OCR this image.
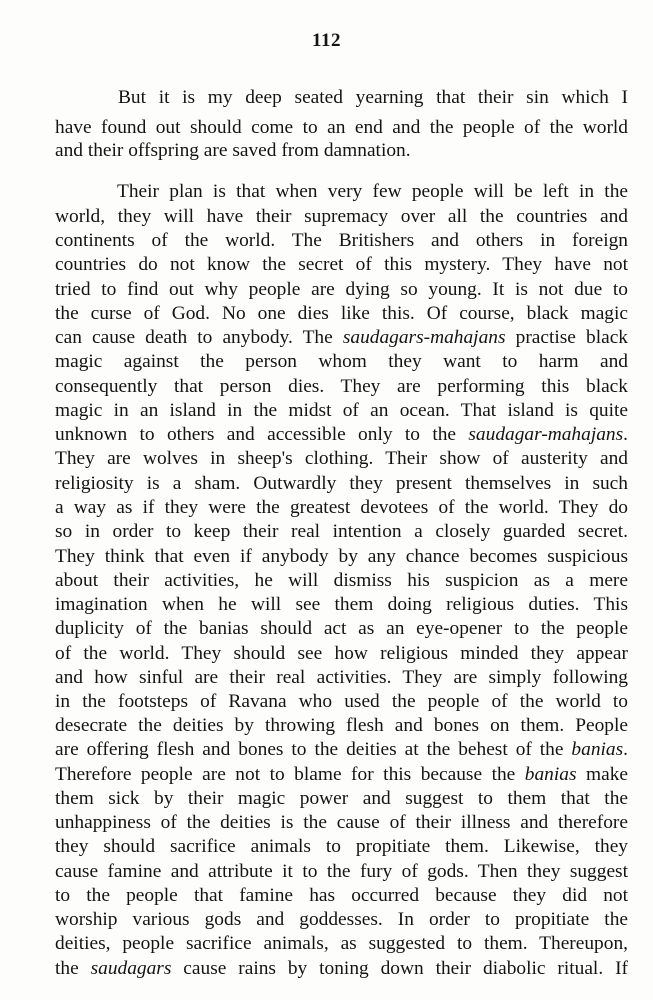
112
But it is my deep seated yearning that their sin which I
have found out should come to an end and the people of the world
and their offspring are saved from damnation.
Their plan is that when very few people will be left in the
world, they will have their supremacy over all the countries and
continents of the world. The Britishers and others in foreign
countries do not know the secret of this mystery. They have not
tried to find out why people are dying so young. It is not due to
the curse of God. No one dies like this. Of course, black magic
can cause death to anybody. The saudagars-mahajans practise black
magic against the person whom they want to harm and
consequently that person dies. They are performing this black
magic in an island in the midst of an ocean. That island is quite
unknown to others and accessible only to the saudagar-mahajans.
They are wolves in sheep's clothing. Their show of austerity and
religiosity is a sham. Outwardly they present themselves in such
a way as if they were the greatest devotees of the world. They do
so in order to keep their real intention a closely guarded secret.
They think that even if anybody by any chance becomes suspicious
about their activities, he will dismiss his suspicion as a mere
imagination when he will see them doing religious duties. This
duplicity of the banias should act as an eye-opener to the people
of the world. They should see how religious minded they appear
and how sinful are their real activities. They are simply following
in the footsteps of Ravana who used the people of the world to
desecrate the deities by throwing flesh and bones on them. People
are offering flesh and bones to the deities at the behest of the banias.
Therefore people are not to blame for this because the banias make
them sick by their magic power and suggest to them that the
unhappiness of the deities is the cause of their illness and therefore
they should sacrifice animals to propitiate them. Likewise, they
cause famine and attribute it to the fury of gods. Then they suggest
to the people that famine has occurred because they did not
worship various gods and goddesses. In order to propitiate the
deities, people sacrifice animals, as suggested to them. Thereupon,
the saudagars cause rains by toning down their diabolic ritual. If
